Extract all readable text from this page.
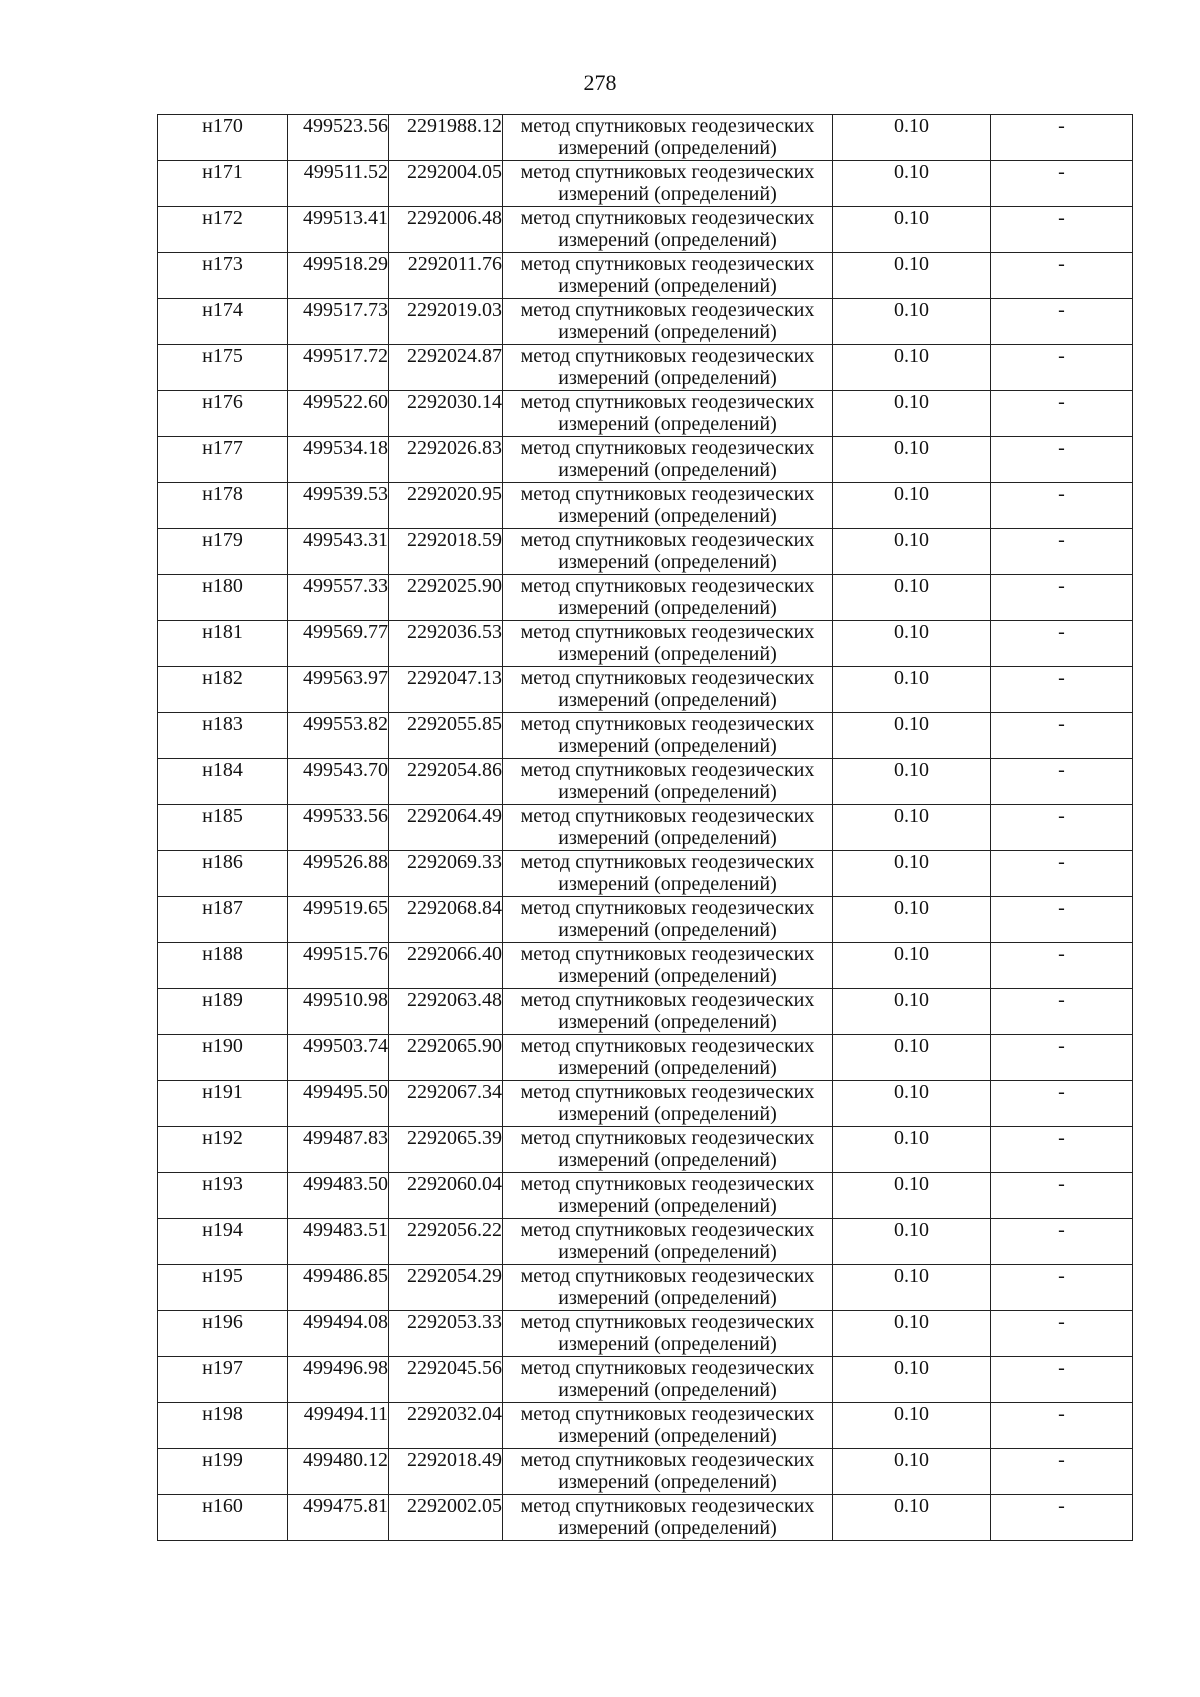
278
н170	499523.56	2291988.12	метод спутниковых геодезических
измерений (определений)	0.10	-
н171	499511.52	2292004.05	метод спутниковых геодезических
измерений (определений)	0.10	-
н172	499513.41	2292006.48	метод спутниковых геодезических
измерений (определений)	0.10	-
н173	499518.29	2292011.76	метод спутниковых геодезических
измерений (определений)	0.10	-
н174	499517.73	2292019.03	метод спутниковых геодезических
измерений (определений)	0.10	-
н175	499517.72	2292024.87	метод спутниковых геодезических
измерений (определений)	0.10	-
н176	499522.60	2292030.14	метод спутниковых геодезических
измерений (определений)	0.10	-
н177	499534.18	2292026.83	метод спутниковых геодезических
измерений (определений)	0.10	-
н178	499539.53	2292020.95	метод спутниковых геодезических
измерений (определений)	0.10	-
н179	499543.31	2292018.59	метод спутниковых геодезических
измерений (определений)	0.10	-
н180	499557.33	2292025.90	метод спутниковых геодезических
измерений (определений)	0.10	-
н181	499569.77	2292036.53	метод спутниковых геодезических
измерений (определений)	0.10	-
н182	499563.97	2292047.13	метод спутниковых геодезических
измерений (определений)	0.10	-
н183	499553.82	2292055.85	метод спутниковых геодезических
измерений (определений)	0.10	-
н184	499543.70	2292054.86	метод спутниковых геодезических
измерений (определений)	0.10	-
н185	499533.56	2292064.49	метод спутниковых геодезических
измерений (определений)	0.10	-
н186	499526.88	2292069.33	метод спутниковых геодезических
измерений (определений)	0.10	-
н187	499519.65	2292068.84	метод спутниковых геодезических
измерений (определений)	0.10	-
н188	499515.76	2292066.40	метод спутниковых геодезических
измерений (определений)	0.10	-
н189	499510.98	2292063.48	метод спутниковых геодезических
измерений (определений)	0.10	-
н190	499503.74	2292065.90	метод спутниковых геодезических
измерений (определений)	0.10	-
н191	499495.50	2292067.34	метод спутниковых геодезических
измерений (определений)	0.10	-
н192	499487.83	2292065.39	метод спутниковых геодезических
измерений (определений)	0.10	-
н193	499483.50	2292060.04	метод спутниковых геодезических
измерений (определений)	0.10	-
н194	499483.51	2292056.22	метод спутниковых геодезических
измерений (определений)	0.10	-
н195	499486.85	2292054.29	метод спутниковых геодезических
измерений (определений)	0.10	-
н196	499494.08	2292053.33	метод спутниковых геодезических
измерений (определений)	0.10	-
н197	499496.98	2292045.56	метод спутниковых геодезических
измерений (определений)	0.10	-
н198	499494.11	2292032.04	метод спутниковых геодезических
измерений (определений)	0.10	-
н199	499480.12	2292018.49	метод спутниковых геодезических
измерений (определений)	0.10	-
н160	499475.81	2292002.05	метод спутниковых геодезических
измерений (определений)	0.10	-
